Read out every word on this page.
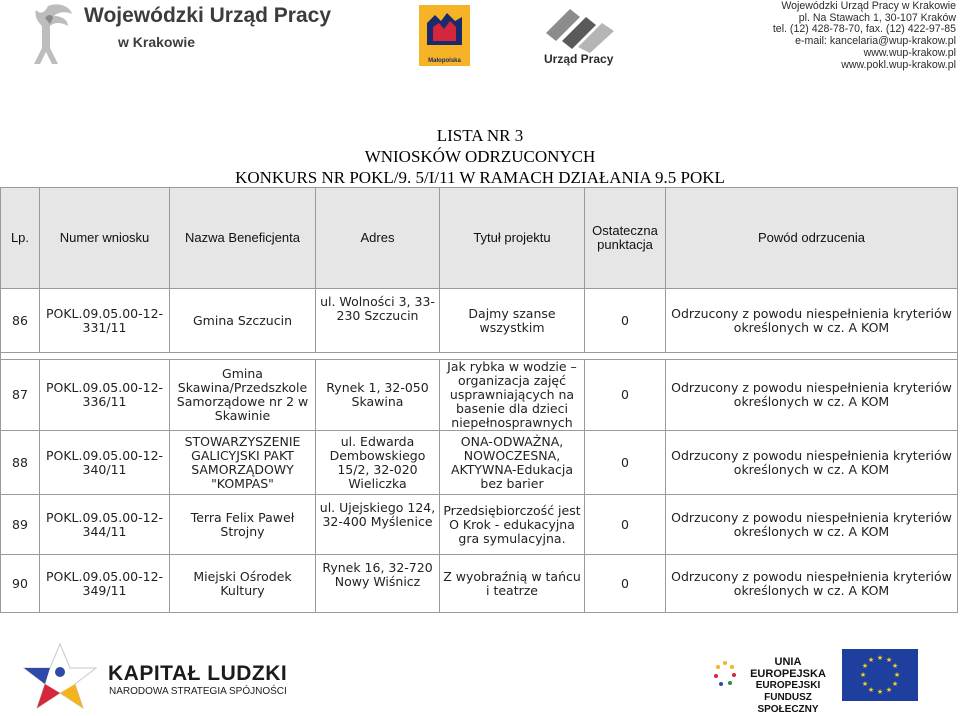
Wojewódzki Urząd Pracy
w Krakowie
Małopolska	Urząd Pracy
Wojewódzki Urząd Pracy w Krakowie
pl. Na Stawach 1, 30-107 Kraków
tel. (12) 428-78-70, fax. (12) 422-97-85
e-mail: kancelaria@wup-krakow.pl
www.wup-krakow.pl
www.pokl.wup-krakow.pl
LISTA NR 3
WNIOSKÓW ODRZUCONYCH
KONKURS NR POKL/9. 5/I/11 W RAMACH DZIAŁANIA 9.5 POKL
Lp.	Numer wniosku	Nazwa Beneficjenta	Adres	Tytuł projektu	Ostateczna punktacja	Powód odrzucenia
86	POKL.09.05.00-12-331/11	Gmina Szczucin	ul. Wolności 3, 33-230 Szczucin	Dajmy szanse wszystkim	0	Odrzucony z powodu niespełnienia kryteriów określonych w cz. A KOM

87	POKL.09.05.00-12-336/11	Gmina Skawina/Przedszkole Samorządowe nr 2 w Skawinie	Rynek 1, 32-050 Skawina	Jak rybka w wodzie – organizacja zajęć usprawniających na basenie dla dzieci niepełnosprawnych	0	Odrzucony z powodu niespełnienia kryteriów określonych w cz. A KOM
88	POKL.09.05.00-12-340/11	STOWARZYSZENIE GALICYJSKI PAKT SAMORZĄDOWY "KOMPAS"	ul. Edwarda Dembowskiego 15/2, 32-020 Wieliczka	ONA-ODWAŻNA, NOWOCZESNA, AKTYWNA-Edukacja bez barier	0	Odrzucony z powodu niespełnienia kryteriów określonych w cz. A KOM
89	POKL.09.05.00-12-344/11	Terra Felix Paweł Strojny	ul. Ujejskiego 124, 32-400 Myślenice	Przedsiębiorczość jest O Krok - edukacyjna gra symulacyjna.	0	Odrzucony z powodu niespełnienia kryteriów określonych w cz. A KOM
90	POKL.09.05.00-12-349/11	Miejski Ośrodek Kultury	Rynek 16, 32-720 Nowy Wiśnicz	Z wyobraźnią w tańcu i teatrze	0	Odrzucony z powodu niespełnienia kryteriów określonych w cz. A KOM
KAPITAŁ LUDZKI
NARODOWA STRATEGIA SPÓJNOŚCI
UNIA EUROPEJSKA
EUROPEJSKI
FUNDUSZ SPOŁECZNY
★ ★
★
★
★
★
★
★
★
★
★
★
